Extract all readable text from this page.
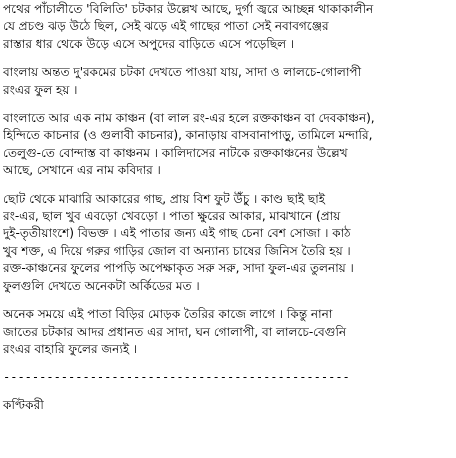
পথের পাঁচালীতে 'বিলিতি' চটকার উল্লেখ আছে, দুর্গা জ্বরে আচ্ছন্ন থাকাকালীন
যে প্রচণ্ড ঝড় উঠে ছিল, সেই ঝড়ে এই গাছের পাতা সেই নবাবগঞ্জের
রাস্তার ধার থেকে উড়ে এসে অপুদের বাড়িতে এসে পড়েছিল ।
বাংলায় অন্তত দু'রকমের চটকা দেখতে পাওয়া যায়, সাদা ও লালচে-গোলাপী
রংএর ফুল হয় ।
বাংলাতে আর এক নাম কাঞ্চন (বা লাল রং-এর হলে রক্তকাঞ্চন বা দেবকাঞ্চন),
হিন্দিতে কাচনার (ও গুলাবী কাচনার), কানাড়ায় বাসবানাপাড়ু, তামিলে মন্দারি,
তেলুগু-তে বোন্দাস্ত বা কাঞ্চনম । কালিদাসের নাটকে রক্তকাঞ্চনের উল্লেখ
আছে, সেখানে এর নাম কবিদার ।
ছোট থেকে মাঝারি আকারের গাছ, প্রায় বিশ ফুট উঁচু । কাণ্ড ছাই ছাই
রং-এর, ছাল খুব এবড়ো খেবড়ো । পাতা ক্ষুরের আকার, মাঝখানে (প্রায়
দুই-তৃতীয়াংশে) বিভক্ত । এই পাতার জন্য এই গাছ চেনা বেশ সোজা । কাঠ
খুব শক্ত, এ দিয়ে গরুর গাড়ির জোল বা অন্যান্য চাষের জিনিস তৈরি হয় ।
রক্ত-কাঞ্চনের ফুলের পাপড়ি অপেক্ষাকৃত সরু সরু, সাদা ফুল-এর তুলনায় ।
ফুলগুলি দেখতে অনেকটা অর্কিডের মত ।
অনেক সময়ে এই পাতা বিড়ির মোড়ক তৈরির কাজে লাগে । কিন্তু নানা
জাতের চটকার আদর প্রধানত এর সাদা, ঘন গোলাপী, বা লালচে-বেগুনি
রংএর বাহারি ফুলের জন্যই ।
------------------------------------------------
কণ্টিকরী
